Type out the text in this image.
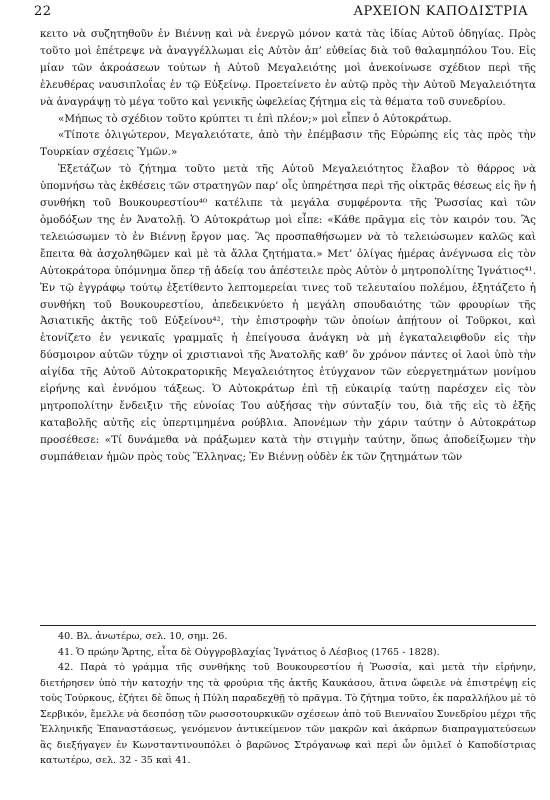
22	ΑΡΧΕΙΟΝ ΚΑΠΟΔΙΣΤΡΙΑ

κειτο νὰ συζητηθοῦν ἐν Βιέννῃ καὶ νὰ ἐνεργῶ μόνον κατὰ τὰς ἰδίας Αὐτοῦ ὁδηγίας. Πρὸς τοῦτο μοὶ ἐπέτρεψε νὰ ἀναγγέλλωμαι εἰς Αὐτὸν ἀπ’ εὐθείας διὰ τοῦ θαλαμηπόλου Του. Εἰς μίαν τῶν ἀκροάσεων τούτων ἡ Αὐτοῦ Μεγαλειότης μοὶ ἀνεκοίνωσε σχέδιον περὶ τῆς ἐλευθέρας ναυσιπλοΐας ἐν τῷ Εὐξείνῳ. Προετείνετο ἐν αὐτῷ πρὸς τὴν Αὐτοῦ Μεγαλειότητα νὰ ἀναγράψῃ τὸ μέγα τοῦτο καὶ γενικῆς ὠφελείας ζήτημα εἰς τὰ θέματα τοῦ συνεδρίου.

«Μήπως τὸ σχέδιον τοῦτο κρύπτει τι ἐπὶ πλέον;» μοὶ εἶπεν ὁ Αὐτοκράτωρ.

«Τίποτε ὀλιγώτερον, Μεγαλειότατε, ἀπὸ τὴν ἐπέμβασιν τῆς Εὐρώπης εἰς τὰς πρὸς τὴν Τουρκίαν σχέσεις Ὑμῶν.»

Ἐξετάζων τὸ ζήτημα τοῦτο μετὰ τῆς Αὐτοῦ Μεγαλειότητος ἔλαβον τὸ θάρρος νὰ ὑπομνήσω τὰς ἐκθέσεις τῶν στρατηγῶν παρ’ οἷς ὑπηρέτησα περὶ τῆς οἰκτρᾶς θέσεως εἰς ἣν ἡ συνθήκη τοῦ Βουκουρεστίου⁴⁰ κατέλιπε τὰ μεγάλα συμφέροντα τῆς Ῥωσσίας καὶ τῶν ὁμοδόξων της ἐν Ἀνατολῇ. Ὁ Αὐτοκράτωρ μοὶ εἶπε: «Κάθε πρᾶγμα εἰς τὸν καιρόν του. Ἂς τελειώσωμεν τὸ ἐν Βιέννῃ ἔργον μας. Ἂς προσπαθήσωμεν νὰ τὸ τελειώσωμεν καλῶς καὶ ἔπειτα θὰ ἀσχοληθῶμεν καὶ μὲ τὰ ἄλλα ζητήματα.» Μετ’ ὀλίγας ἡμέρας ἀνέγνωσα εἰς τὸν Αὐτοκράτορα ὑπόμνημα ὅπερ τῇ ἀδείᾳ του ἀπέστειλε πρὸς Αὐτὸν ὁ μητροπολίτης Ἰγνάτιος⁴¹. Ἐν τῷ ἐγγράφῳ τούτῳ ἐξετίθεντο λεπτομερείαι τινες τοῦ τελευταίου πολέμου, ἐξητάζετο ἡ συνθήκη τοῦ Βουκουρεστίου, ἀπεδεικνύετο ἡ μεγάλη σπουδαιότης τῶν φρουρίων τῆς Ἀσιατικῆς ἀκτῆς τοῦ Εὐξείνου⁴², τὴν ἐπιστροφὴν τῶν ὁποίων ἀπῄτουν οἱ Τοῦρκοι, καὶ ἐτονίζετο ἐν γενικαῖς γραμμαῖς ἡ ἐπείγουσα ἀνάγκη νὰ μὴ ἐγκαταλειφθοῦν εἰς τὴν δύσμοιρον αὐτῶν τύχην οἱ χριστιανοὶ τῆς Ἀνατολῆς καθ’ ὃν χρόνον πάντες οἱ λαοὶ ὑπὸ τὴν αἰγίδα τῆς Αὐτοῦ Αὐτοκρατορικῆς Μεγαλειότητος ἐτύγχανον τῶν εὐεργετημάτων μονίμου εἰρήνης καὶ ἐννόμου τάξεως. Ὁ Αὐτοκράτωρ ἐπὶ τῇ εὐκαιρίᾳ ταύτῃ παρέσχεν εἰς τὸν μητροπολίτην ἔνδειξιν τῆς εὐνοίας Του αὐξήσας τὴν σύνταξίν του, διὰ τῆς εἰς τὸ ἑξῆς καταβολῆς αὐτῆς εἰς ὑπερτιμημένα ρούβλια. Ἀπονέμων τὴν χάριν ταύτην ὁ Αὐτοκράτωρ προσέθεσε: «Τί δυνάμεθα νὰ πράξωμεν κατὰ τὴν στιγμὴν ταύτην, ὅπως ἀποδείξωμεν τὴν συμπάθειαν ἡμῶν πρὸς τοὺς Ἕλληνας; Ἐν Βιέννῃ οὐδὲν ἐκ τῶν ζητημάτων τῶν

40. Βλ. ἀνωτέρω, σελ. 10, σημ. 26.

41. Ὁ πρώην Ἄρτης, εἶτα δὲ Οὐγγροβλαχίας Ἰγνάτιος ὁ Λέσβιος (1765 - 1828).

42. Παρὰ τὸ γράμμα τῆς συνθήκης τοῦ Βουκουρεστίου ἡ Ῥωσσία, καὶ μετὰ τὴν εἰρήνην, διετήρησεν ὑπὸ τὴν κατοχήν της τὰ φρούρια τῆς ἀκτῆς Καυκάσου, ἅτινα ὤφειλε νὰ ἐπιστρέψῃ εἰς τοὺς Τούρκους, ἐζήτει δὲ ὅπως ἡ Πύλη παραδεχθῇ τὸ πρᾶγμα. Τὸ ζήτημα τοῦτο, ἐκ παραλλήλου μὲ τὸ Σερβικόν, ἔμελλε νὰ δεσπόσῃ τῶν ρωσσοτουρκικῶν σχέσεων ἀπὸ τοῦ Βιενναίου Συνεδρίου μέχρι τῆς Ἑλληνικῆς Ἐπαναστάσεως, γενόμενον ἀντικείμενον τῶν μακρῶν καὶ ἀκάρπων διαπραγματεύσεων ἃς διεξήγαγεν ἐν Κωνσταντινουπόλει ὁ βαρῶνος Στρόγανωφ καὶ περὶ ὧν ὁμιλεῖ ὁ Καποδίστριας κατωτέρω, σελ. 32 - 35 καὶ 41.
